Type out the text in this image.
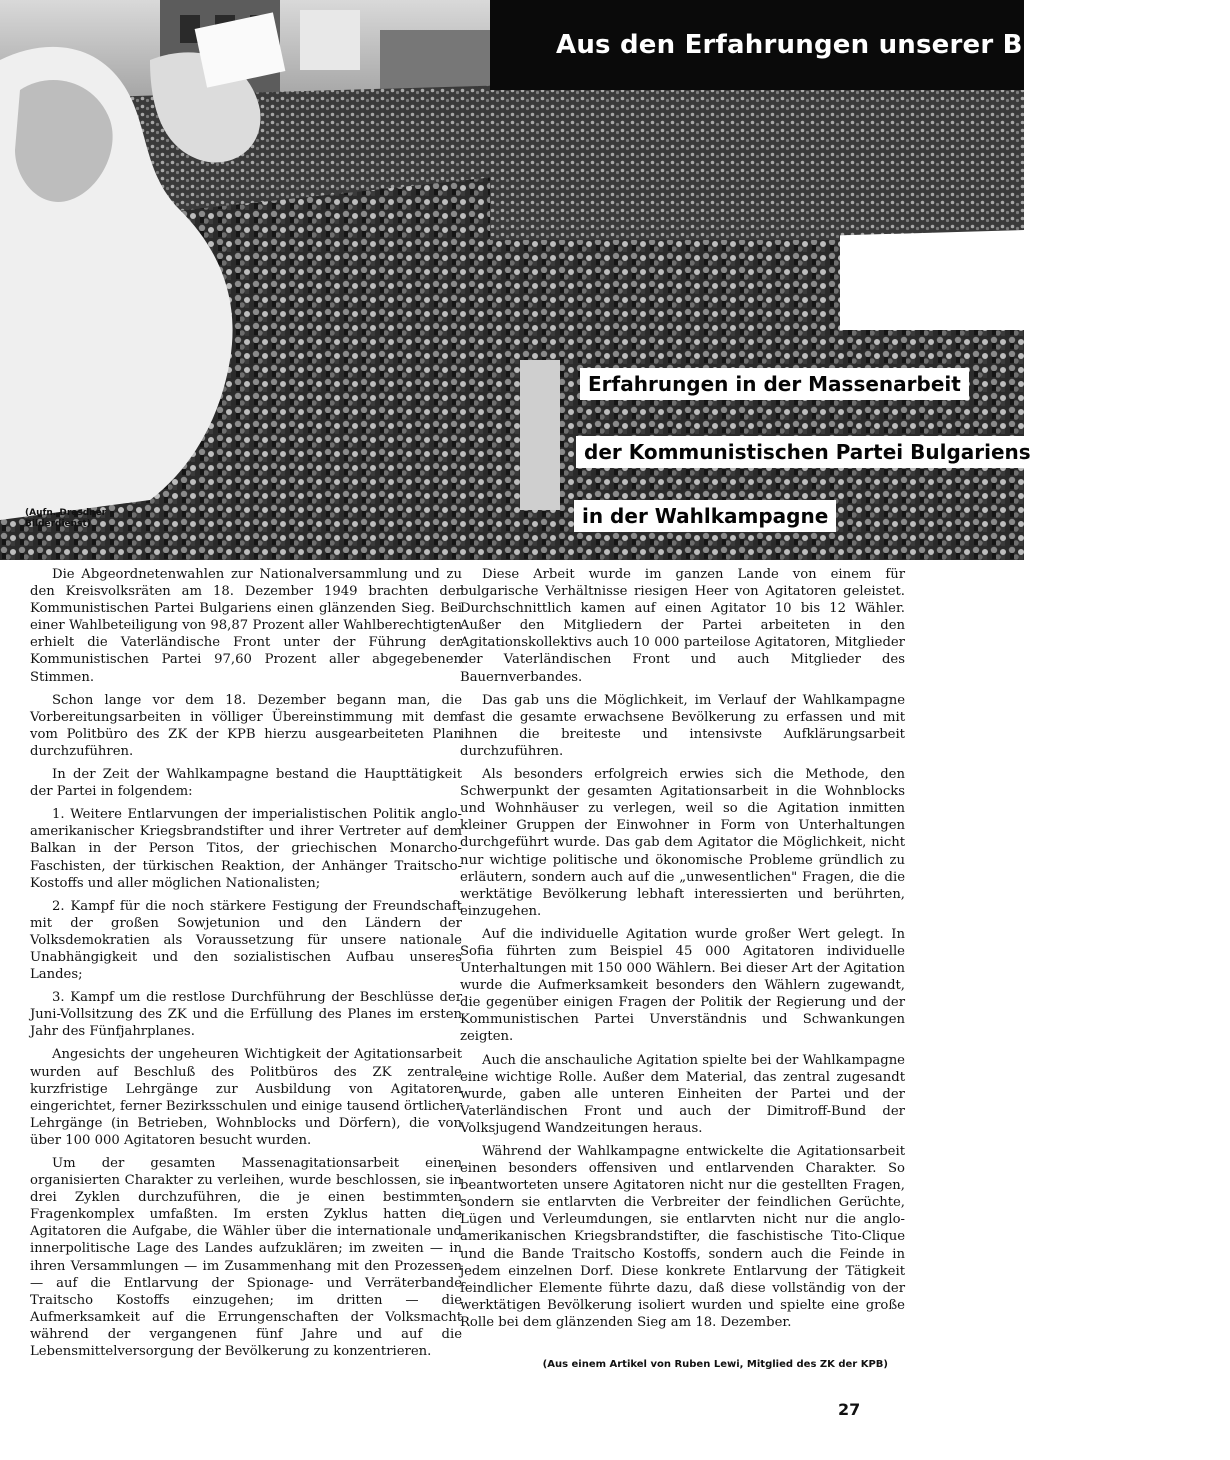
Aus den Erfahrungen unserer Bruderparteien
Erfahrungen in der Massenarbeit
der Kommunistischen Partei Bulgariens
in der Wahlkampagne
(Aufn. Dresdner
Bilderdienst)

Die Abgeordnetenwahlen zur Nationalversammlung und zu den Kreisvolksräten am 18. Dezember 1949 brachten der Kommunistischen Partei Bulgariens einen glänzenden Sieg. Bei einer Wahlbeteiligung von 98,87 Prozent aller Wahlberechtigten erhielt die Vaterländische Front unter der Führung der Kommunistischen Partei 97,60 Prozent aller abgegebenen Stimmen.

Schon lange vor dem 18. Dezember begann man, die Vorbereitungsarbeiten in völliger Übereinstimmung mit dem vom Politbüro des ZK der KPB hierzu ausgearbeiteten Plan durchzuführen.

In der Zeit der Wahlkampagne bestand die Haupttätigkeit der Partei in folgendem:

1. Weitere Entlarvungen der imperialistischen Politik anglo-amerikanischer Kriegsbrandstifter und ihrer Vertreter auf dem Balkan in der Person Titos, der griechischen Monarcho-Faschisten, der türkischen Reaktion, der Anhänger Traitscho-Kostoffs und aller möglichen Nationalisten;

2. Kampf für die noch stärkere Festigung der Freundschaft mit der großen Sowjetunion und den Ländern der Volksdemokratien als Voraussetzung für unsere nationale Unabhängigkeit und den sozialistischen Aufbau unseres Landes;

3. Kampf um die restlose Durchführung der Beschlüsse der Juni-Vollsitzung des ZK und die Erfüllung des Planes im ersten Jahr des Fünfjahrplanes.

Angesichts der ungeheuren Wichtigkeit der Agitationsarbeit wurden auf Beschluß des Politbüros des ZK zentrale kurzfristige Lehrgänge zur Ausbildung von Agitatoren eingerichtet, ferner Bezirksschulen und einige tausend örtlicher Lehrgänge (in Betrieben, Wohnblocks und Dörfern), die von über 100 000 Agitatoren besucht wurden.

Um der gesamten Massenagitationsarbeit einen organisierten Charakter zu verleihen, wurde beschlossen, sie in drei Zyklen durchzuführen, die je einen bestimmten Fragenkomplex umfaßten. Im ersten Zyklus hatten die Agitatoren die Aufgabe, die Wähler über die internationale und innerpolitische Lage des Landes aufzuklären; im zweiten — in ihren Versammlungen — im Zusammenhang mit den Prozessen — auf die Entlarvung der Spionage- und Verräterbande Traitscho Kostoffs einzugehen; im dritten — die Aufmerksamkeit auf die Errungenschaften der Volksmacht während der vergangenen fünf Jahre und auf die Lebensmittelversorgung der Bevölkerung zu konzentrieren.

Diese Arbeit wurde im ganzen Lande von einem für bulgarische Verhältnisse riesigen Heer von Agitatoren geleistet. Durchschnittlich kamen auf einen Agitator 10 bis 12 Wähler. Außer den Mitgliedern der Partei arbeiteten in den Agitationskollektivs auch 10 000 parteilose Agitatoren, Mitglieder der Vaterländischen Front und auch Mitglieder des Bauernverbandes.

Das gab uns die Möglichkeit, im Verlauf der Wahlkampagne fast die gesamte erwachsene Bevölkerung zu erfassen und mit ihnen die breiteste und intensivste Aufklärungsarbeit durchzuführen.

Als besonders erfolgreich erwies sich die Methode, den Schwerpunkt der gesamten Agitationsarbeit in die Wohnblocks und Wohnhäuser zu verlegen, weil so die Agitation inmitten kleiner Gruppen der Einwohner in Form von Unterhaltungen durchgeführt wurde. Das gab dem Agitator die Möglichkeit, nicht nur wichtige politische und ökonomische Probleme gründlich zu erläutern, sondern auch auf die „unwesentlichen" Fragen, die die werktätige Bevölkerung lebhaft interessierten und berührten, einzugehen.

Auf die individuelle Agitation wurde großer Wert gelegt. In Sofia führten zum Beispiel 45 000 Agitatoren individuelle Unterhaltungen mit 150 000 Wählern. Bei dieser Art der Agitation wurde die Aufmerksamkeit besonders den Wählern zugewandt, die gegenüber einigen Fragen der Politik der Regierung und der Kommunistischen Partei Unverständnis und Schwankungen zeigten.

Auch die anschauliche Agitation spielte bei der Wahlkampagne eine wichtige Rolle. Außer dem Material, das zentral zugesandt wurde, gaben alle unteren Einheiten der Partei und der Vaterländischen Front und auch der Dimitroff-Bund der Volksjugend Wandzeitungen heraus.

Während der Wahlkampagne entwickelte die Agitationsarbeit einen besonders offensiven und entlarvenden Charakter. So beantworteten unsere Agitatoren nicht nur die gestellten Fragen, sondern sie entlarvten die Verbreiter der feindlichen Gerüchte, Lügen und Verleumdungen, sie entlarvten nicht nur die anglo-amerikanischen Kriegsbrandstifter, die faschistische Tito-Clique und die Bande Traitscho Kostoffs, sondern auch die Feinde in jedem einzelnen Dorf. Diese konkrete Entlarvung der Tätigkeit feindlicher Elemente führte dazu, daß diese vollständig von der werktätigen Bevölkerung isoliert wurden und spielte eine große Rolle bei dem glänzenden Sieg am 18. Dezember.

(Aus einem Artikel von Ruben Lewi, Mitglied des ZK der KPB)
27
